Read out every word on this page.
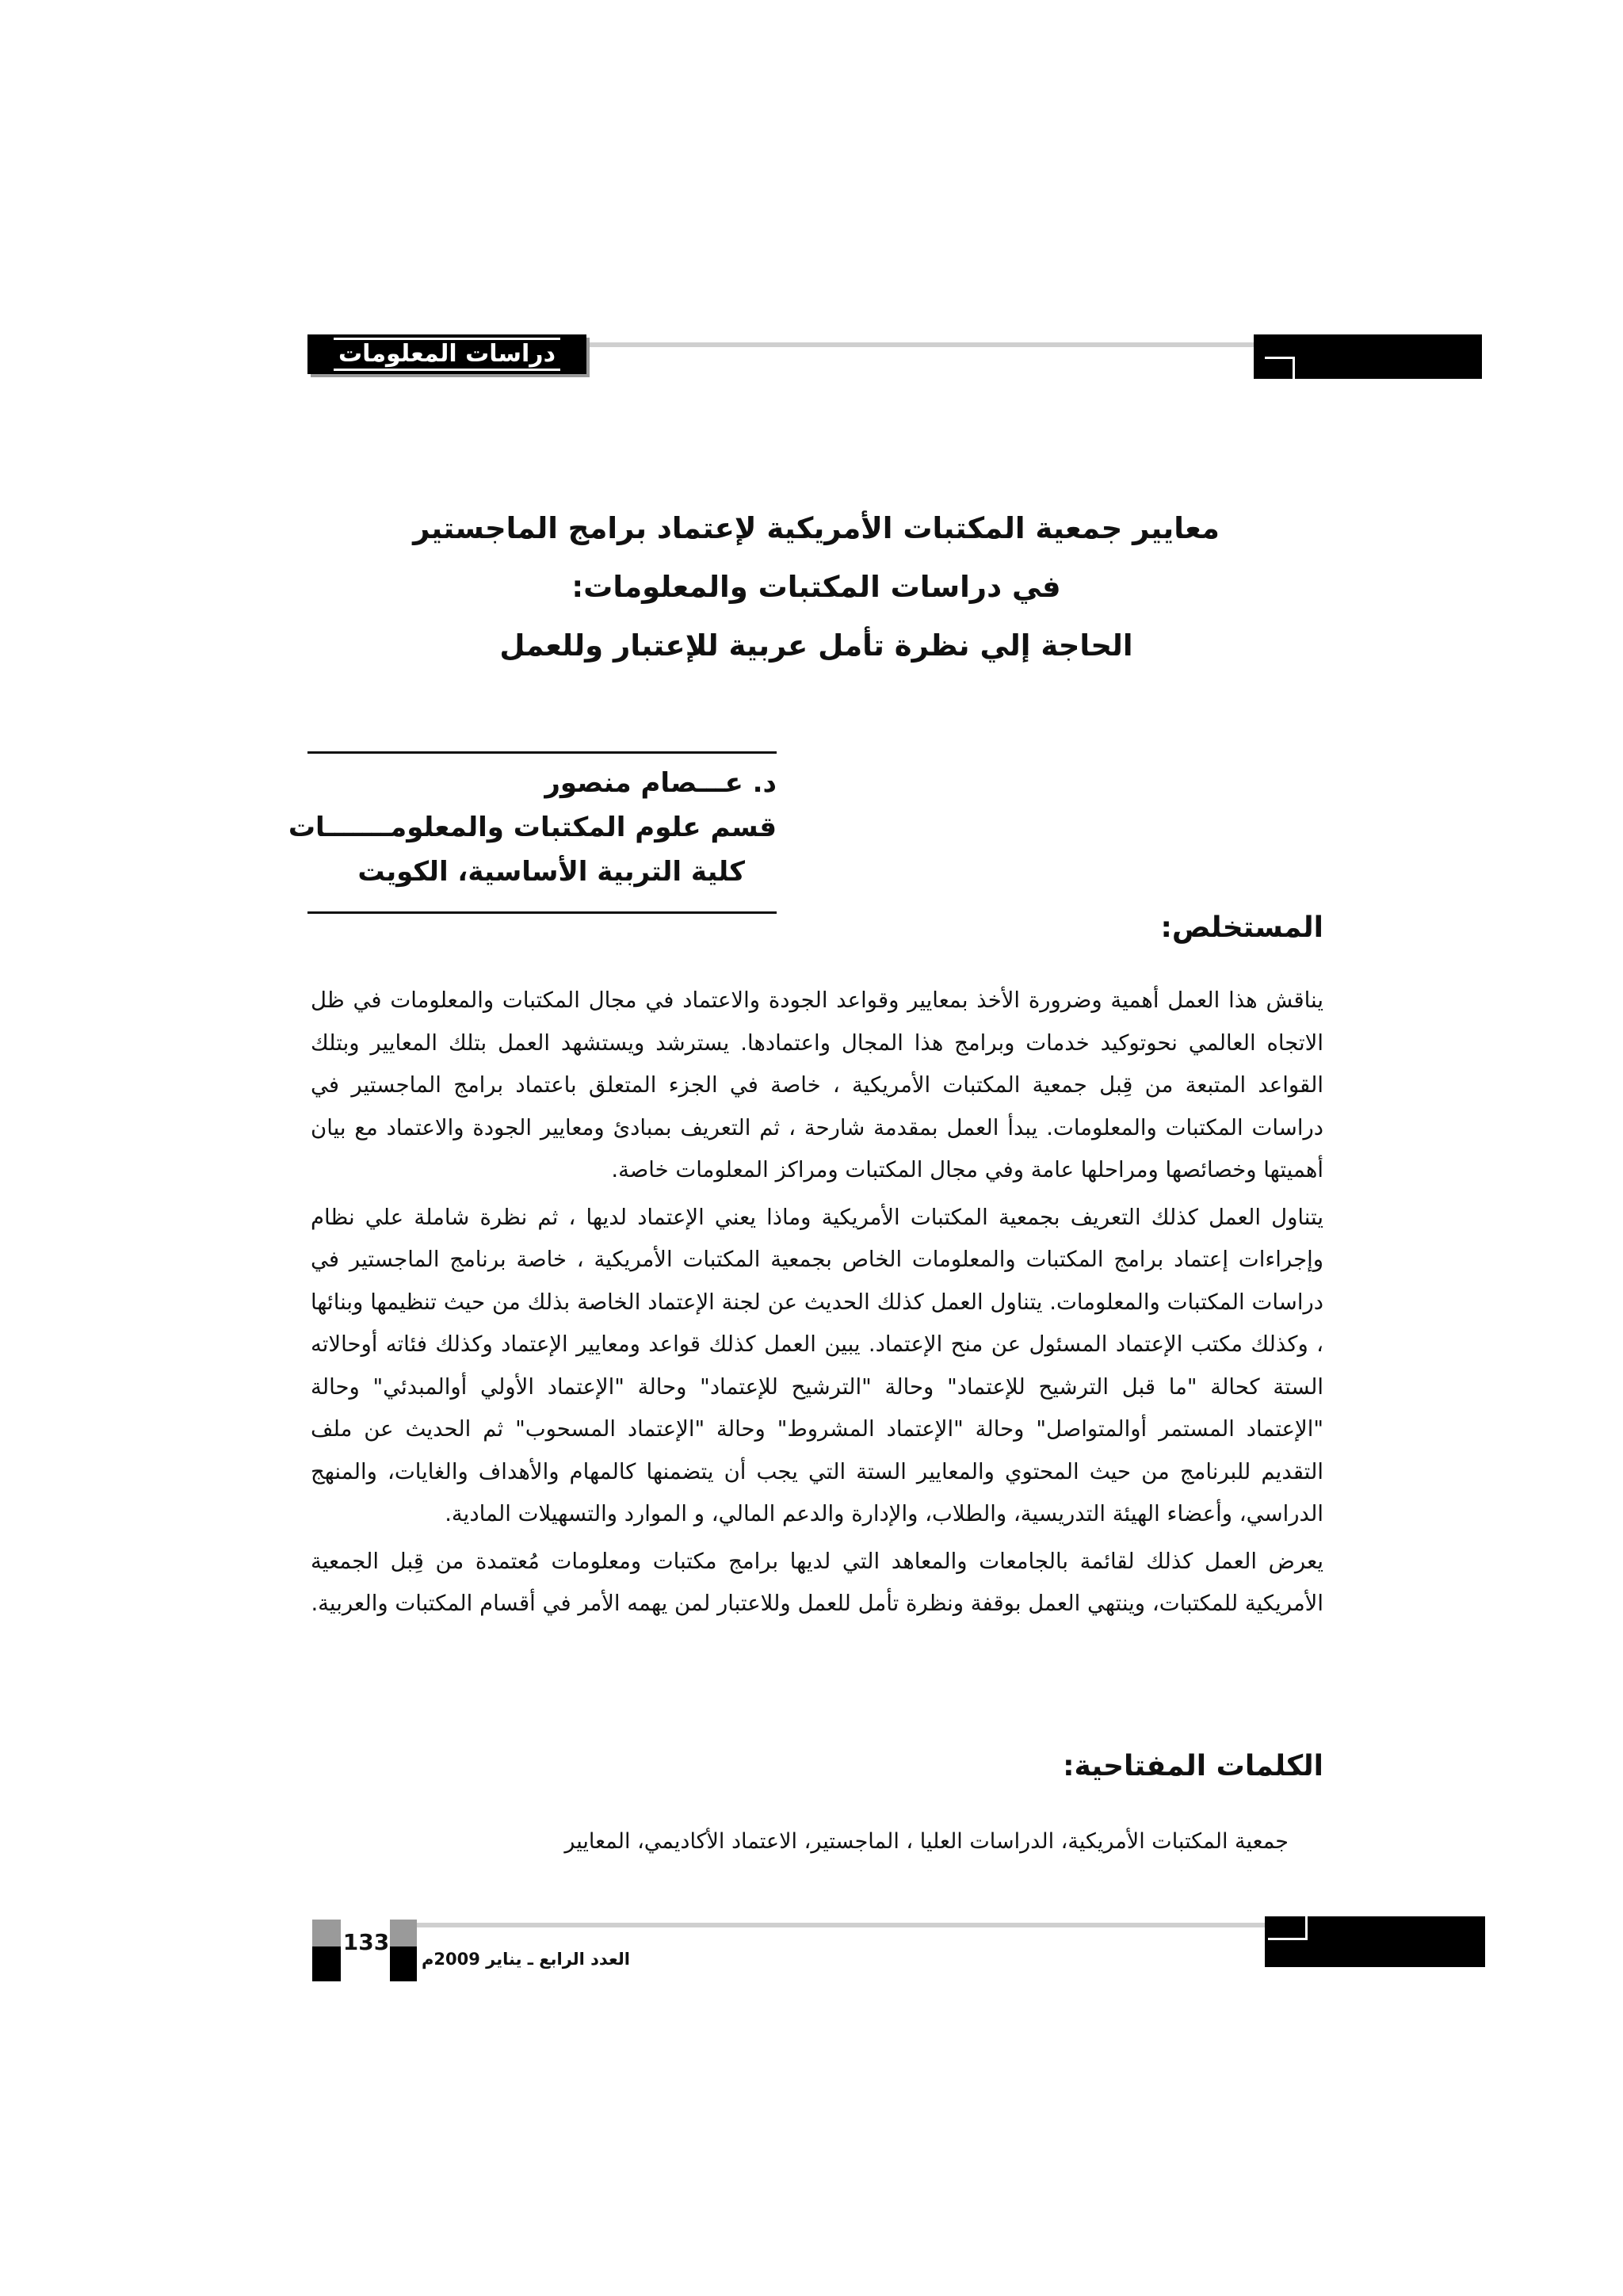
دراسات المعلومات
معايير جمعية المكتبات الأمريكية لإعتماد برامج الماجستير
في دراسات المكتبات والمعلومات:
الحاجة إلي نظرة تأمل عربية للإعتبار وللعمل
د. عـــصام منصور
قسم علوم المكتبات والمعلومـــــــات
كلية التربية الأساسية، الكويت
المستخلص:

يناقش هذا العمل أهمية وضرورة الأخذ بمعايير وقواعد الجودة والاعتماد في مجال المكتبات والمعلومات في ظل الاتجاه العالمي نحوتوكيد خدمات وبرامج هذا المجال واعتمادها. يسترشد ويستشهد العمل بتلك المعايير وبتلك القواعد المتبعة من قِبل جمعية المكتبات الأمريكية ، خاصة في الجزء المتعلق باعتماد برامج الماجستير في دراسات المكتبات والمعلومات. يبدأ العمل بمقدمة شارحة ، ثم التعريف بمبادئ ومعايير الجودة والاعتماد مع بيان أهميتها وخصائصها ومراحلها عامة وفي مجال المكتبات ومراكز المعلومات خاصة.

يتناول العمل كذلك التعريف بجمعية المكتبات الأمريكية وماذا يعني الإعتماد لديها ، ثم نظرة شاملة علي نظام وإجراءات إعتماد برامج المكتبات والمعلومات الخاص بجمعية المكتبات الأمريكية ، خاصة برنامج الماجستير في دراسات المكتبات والمعلومات. يتناول العمل كذلك الحديث عن لجنة الإعتماد الخاصة بذلك من حيث تنظيمها وبنائها ، وكذلك مكتب الإعتماد المسئول عن منح الإعتماد. يبين العمل كذلك قواعد ومعايير الإعتماد وكذلك فئاته أوحالاته الستة كحالة "ما قبل الترشيح للإعتماد" وحالة "الترشيح للإعتماد" وحالة "الإعتماد الأولي أوالمبدئي" وحالة "الإعتماد المستمر أوالمتواصل" وحالة "الإعتماد المشروط" وحالة "الإعتماد المسحوب" ثم الحديث عن ملف التقديم للبرنامج من حيث المحتوي والمعايير الستة التي يجب أن يتضمنها كالمهام والأهداف والغايات، والمنهج الدراسي، وأعضاء الهيئة التدريسية، والطلاب، والإدارة والدعم المالي، و الموارد والتسهيلات المادية.

يعرض العمل كذلك لقائمة بالجامعات والمعاهد التي لديها برامج مكتبات ومعلومات مُعتمدة من قِبل الجمعية الأمريكية للمكتبات، وينتهي العمل بوقفة ونظرة تأمل للعمل وللاعتبار لمن يهمه الأمر في أقسام المكتبات والعربية.

الكلمات المفتاحية:
جمعية المكتبات الأمريكية، الدراسات العليا ، الماجستير، الاعتماد الأكاديمي، المعايير
133
العدد الرابع ـ يناير 2009م
